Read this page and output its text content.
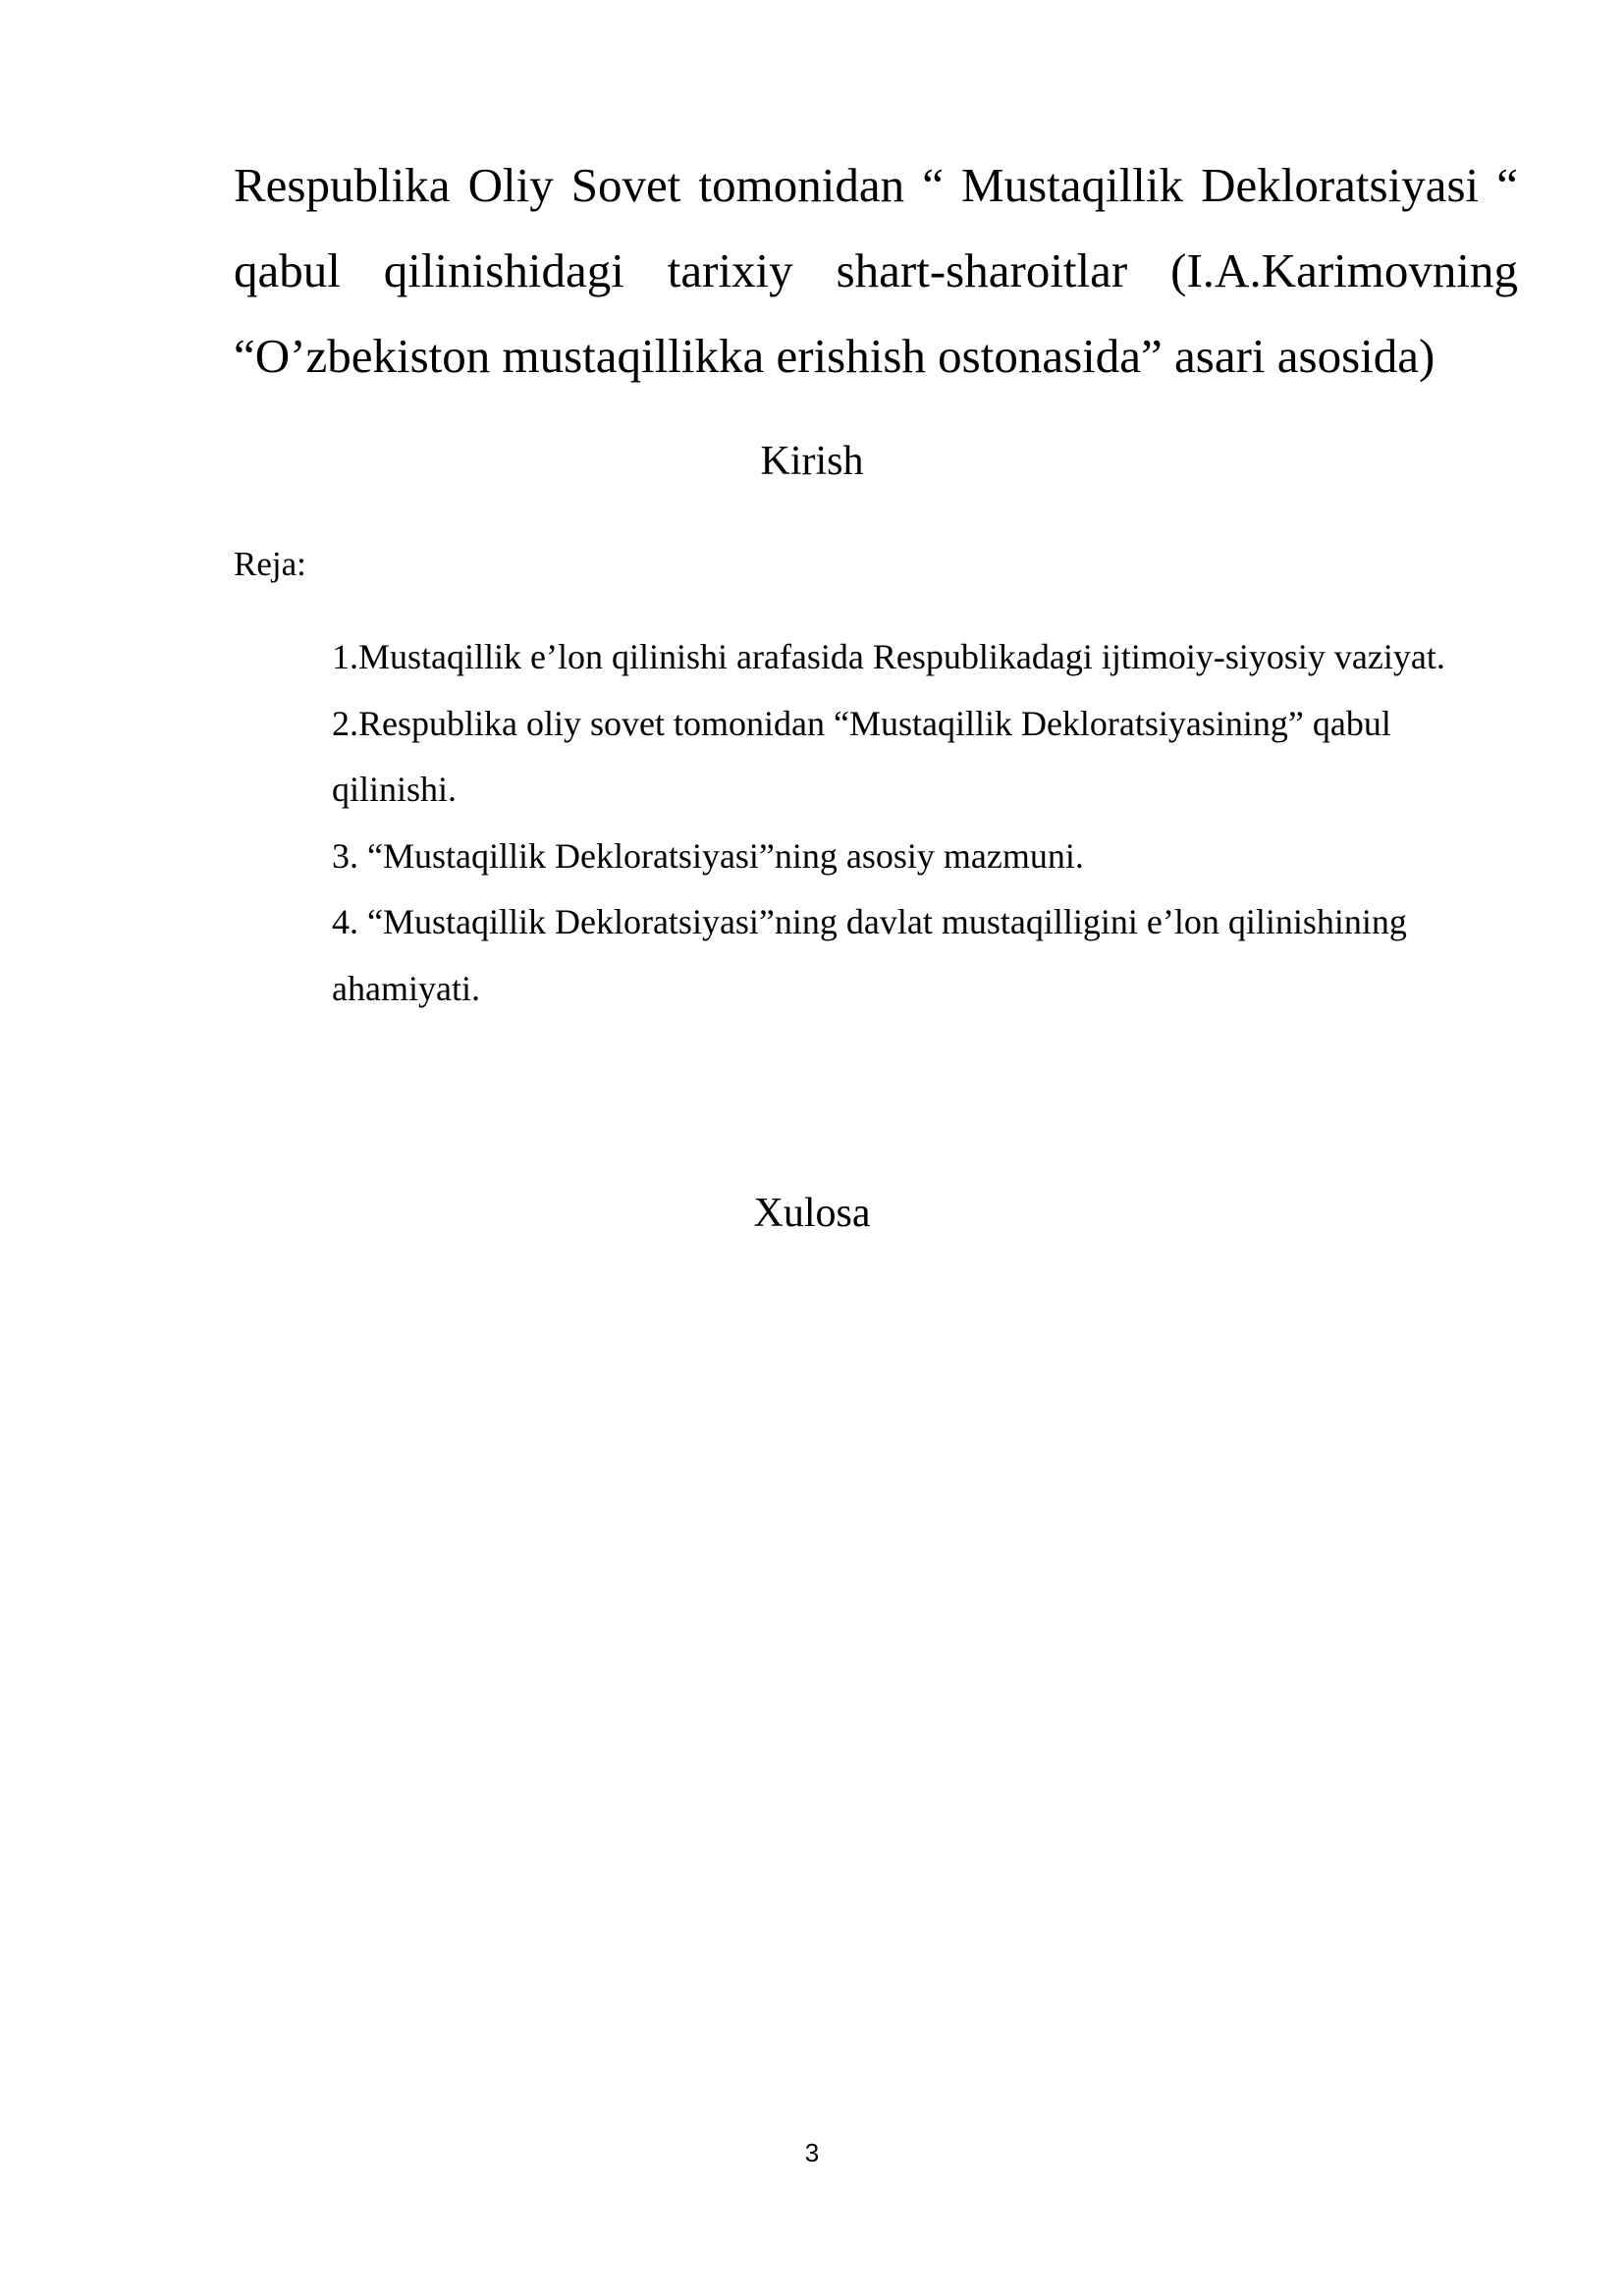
Respublika Oliy Sovet tomonidan “ Mustaqillik Dekloratsiyasi “ qabul qilinishidagi tarixiy shart-sharoitlar (I.A.Karimovning “O’zbekiston mustaqillikka erishish ostonasida” asari asosida)

Kirish

Reja:

1.Mustaqillik e’lon qilinishi arafasida Respublikadagi ijtimoiy-siyosiy vaziyat.
2.Respublika oliy sovet tomonidan “Mustaqillik Dekloratsiyasining” qabul qilinishi.
3. “Mustaqillik Dekloratsiyasi”ning asosiy mazmuni.
4. “Mustaqillik Dekloratsiyasi”ning davlat mustaqilligini e’lon qilinishining ahamiyati.

Xulosa

3
